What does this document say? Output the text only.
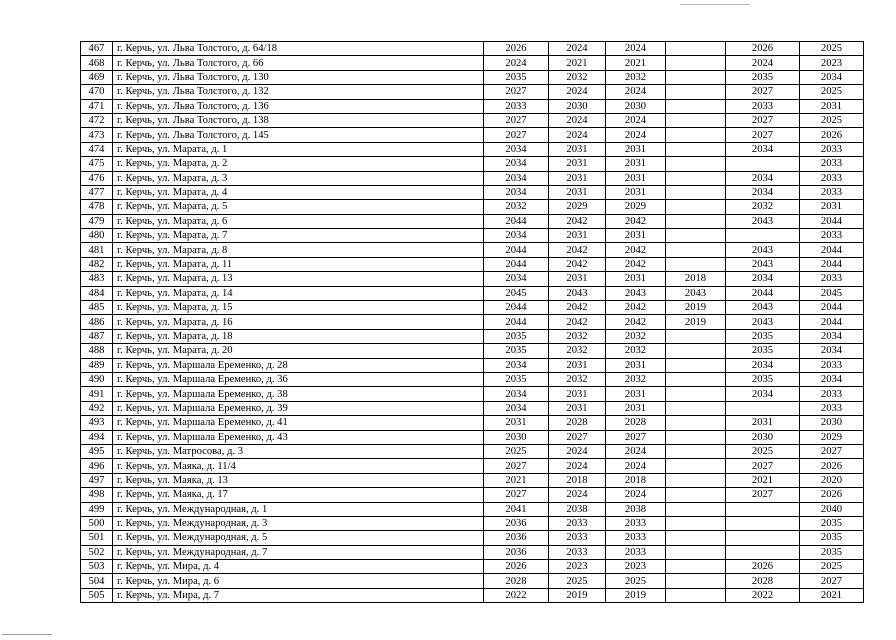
467	г. Керчь, ул. Льва Толстого, д. 64/18	2026	2024	2024		2026	2025
468	г. Керчь, ул. Льва Толстого, д. 66	2024	2021	2021		2024	2023
469	г. Керчь, ул. Льва Толстого, д. 130	2035	2032	2032		2035	2034
470	г. Керчь, ул. Льва Толстого, д. 132	2027	2024	2024		2027	2025
471	г. Керчь, ул. Льва Толстого, д. 136	2033	2030	2030		2033	2031
472	г. Керчь, ул. Льва Толстого, д. 138	2027	2024	2024		2027	2025
473	г. Керчь, ул. Льва Толстого, д. 145	2027	2024	2024		2027	2026
474	г. Керчь, ул. Марата, д. 1	2034	2031	2031		2034	2033
475	г. Керчь, ул. Марата, д. 2	2034	2031	2031			2033
476	г. Керчь, ул. Марата, д. 3	2034	2031	2031		2034	2033
477	г. Керчь, ул. Марата, д. 4	2034	2031	2031		2034	2033
478	г. Керчь, ул. Марата, д. 5	2032	2029	2029		2032	2031
479	г. Керчь, ул. Марата, д. 6	2044	2042	2042		2043	2044
480	г. Керчь, ул. Марата, д. 7	2034	2031	2031			2033
481	г. Керчь, ул. Марата, д. 8	2044	2042	2042		2043	2044
482	г. Керчь, ул. Марата, д. 11	2044	2042	2042		2043	2044
483	г. Керчь, ул. Марата, д. 13	2034	2031	2031	2018	2034	2033
484	г. Керчь, ул. Марата, д. 14	2045	2043	2043	2043	2044	2045
485	г. Керчь, ул. Марата, д. 15	2044	2042	2042	2019	2043	2044
486	г. Керчь, ул. Марата, д. 16	2044	2042	2042	2019	2043	2044
487	г. Керчь, ул. Марата, д. 18	2035	2032	2032		2035	2034
488	г. Керчь, ул. Марата, д. 20	2035	2032	2032		2035	2034
489	г. Керчь, ул. Маршала Еременко, д. 28	2034	2031	2031		2034	2033
490	г. Керчь, ул. Маршала Еременко, д. 36	2035	2032	2032		2035	2034
491	г. Керчь, ул. Маршала Еременко, д. 38	2034	2031	2031		2034	2033
492	г. Керчь, ул. Маршала Еременко, д. 39	2034	2031	2031			2033
493	г. Керчь, ул. Маршала Еременко, д. 41	2031	2028	2028		2031	2030
494	г. Керчь, ул. Маршала Еременко, д. 43	2030	2027	2027		2030	2029
495	г. Керчь, ул. Матросова, д. 3	2025	2024	2024		2025	2027
496	г. Керчь, ул. Маяка, д. 11/4	2027	2024	2024		2027	2026
497	г. Керчь, ул. Маяка, д. 13	2021	2018	2018		2021	2020
498	г. Керчь, ул. Маяка, д. 17	2027	2024	2024		2027	2026
499	г. Керчь, ул. Международная, д. 1	2041	2038	2038			2040
500	г. Керчь, ул. Международная, д. 3	2036	2033	2033			2035
501	г. Керчь, ул. Международная, д. 5	2036	2033	2033			2035
502	г. Керчь, ул. Международная, д. 7	2036	2033	2033			2035
503	г. Керчь, ул. Мира, д. 4	2026	2023	2023		2026	2025
504	г. Керчь, ул. Мира, д. 6	2028	2025	2025		2028	2027
505	г. Керчь, ул. Мира, д. 7	2022	2019	2019		2022	2021
